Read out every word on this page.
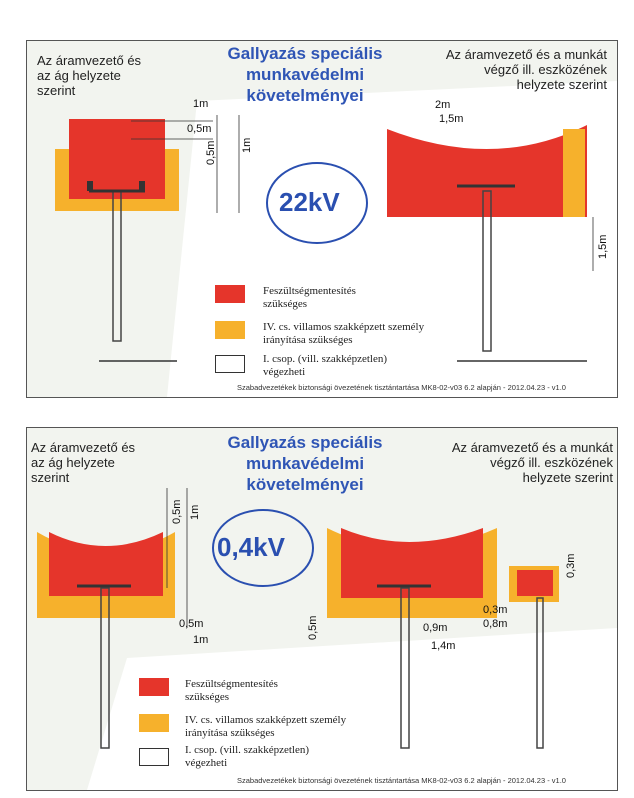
Gallyazás speciális
munkavédelmi
követelményei
Az áramvezető és
az ág helyzete
szerint
Az áramvezető és a munkát
végző ill. eszközének
helyzete szerint
22kV
1m
0,5m
0,5m 1m
2m
1,5m
1,5m
Feszültségmentesítés
szükséges
IV. cs. villamos szakképzett személy
irányítása szükséges
I. csop. (vill. szakképzetlen)
végezheti
Szabadvezetékek biztonsági övezetének tisztántartása MK8-02-v03 6.2 alapján - 2012.04.23 - v1.0
Gallyazás speciális
munkavédelmi
követelményei
Az áramvezető és
az ág helyzete
szerint
Az áramvezető és a munkát
végző ill. eszközének
helyzete szerint
0,4kV
0,5m 1m
0,5m
1m	0,5m	0,9m
1,4m
0,3m
0,3m
0,8m
Feszültségmentesítés
szükséges
IV. cs. villamos szakképzett személy
irányítása szükséges
I. csop. (vill. szakképzetlen)
végezheti
Szabadvezetékek biztonsági övezetének tisztántartása MK8-02-v03 6.2 alapján - 2012.04.23 - v1.0
